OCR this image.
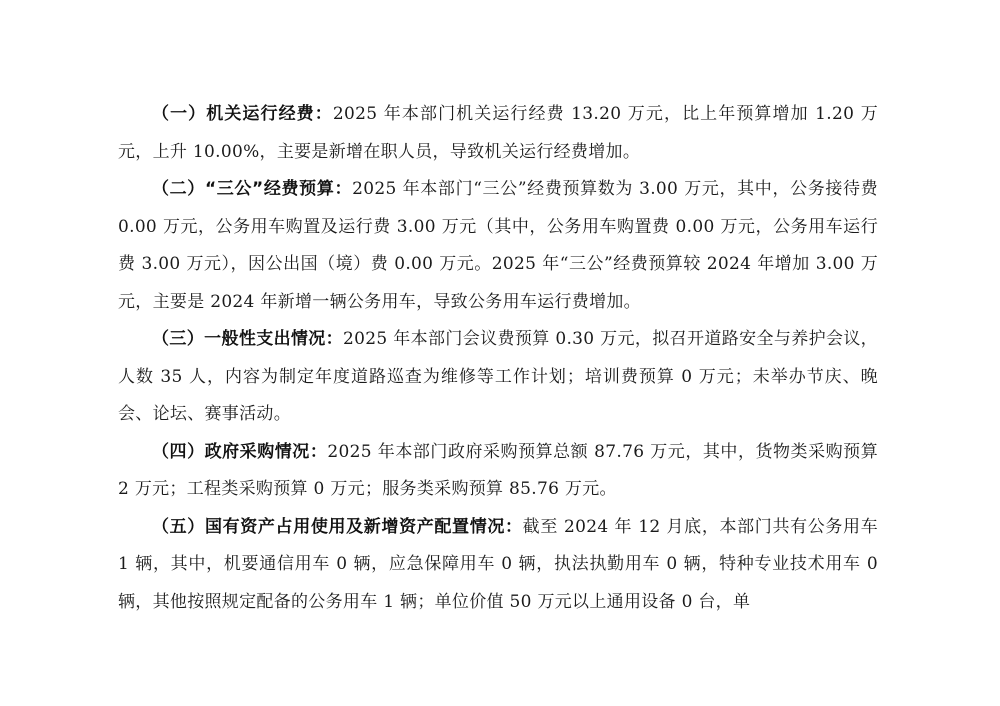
（一）机关运行经费：2025 年本部门机关运行经费 13.20 万元，比上年预算增加 1.20 万元，上升 10.00%，主要是新增在职人员，导致机关运行经费增加。

（二）“三公”经费预算：2025 年本部门“三公”经费预算数为 3.00 万元，其中，公务接待费 0.00 万元，公务用车购置及运行费 3.00 万元（其中，公务用车购置费 0.00 万元，公务用车运行费 3.00 万元），因公出国（境）费 0.00 万元。2025 年“三公”经费预算较 2024 年增加 3.00 万元，主要是 2024 年新增一辆公务用车，导致公务用车运行费增加。

（三）一般性支出情况：2025 年本部门会议费预算 0.30 万元，拟召开道路安全与养护会议，人数 35 人，内容为制定年度道路巡查为维修等工作计划；培训费预算 0 万元；未举办节庆、晚会、论坛、赛事活动。

（四）政府采购情况：2025 年本部门政府采购预算总额 87.76 万元，其中，货物类采购预算 2 万元；工程类采购预算 0 万元；服务类采购预算 85.76 万元。

（五）国有资产占用使用及新增资产配置情况：截至 2024 年 12 月底，本部门共有公务用车 1 辆，其中，机要通信用车 0 辆，应急保障用车 0 辆，执法执勤用车 0 辆，特种专业技术用车 0 辆，其他按照规定配备的公务用车 1 辆；单位价值 50 万元以上通用设备 0 台，单
